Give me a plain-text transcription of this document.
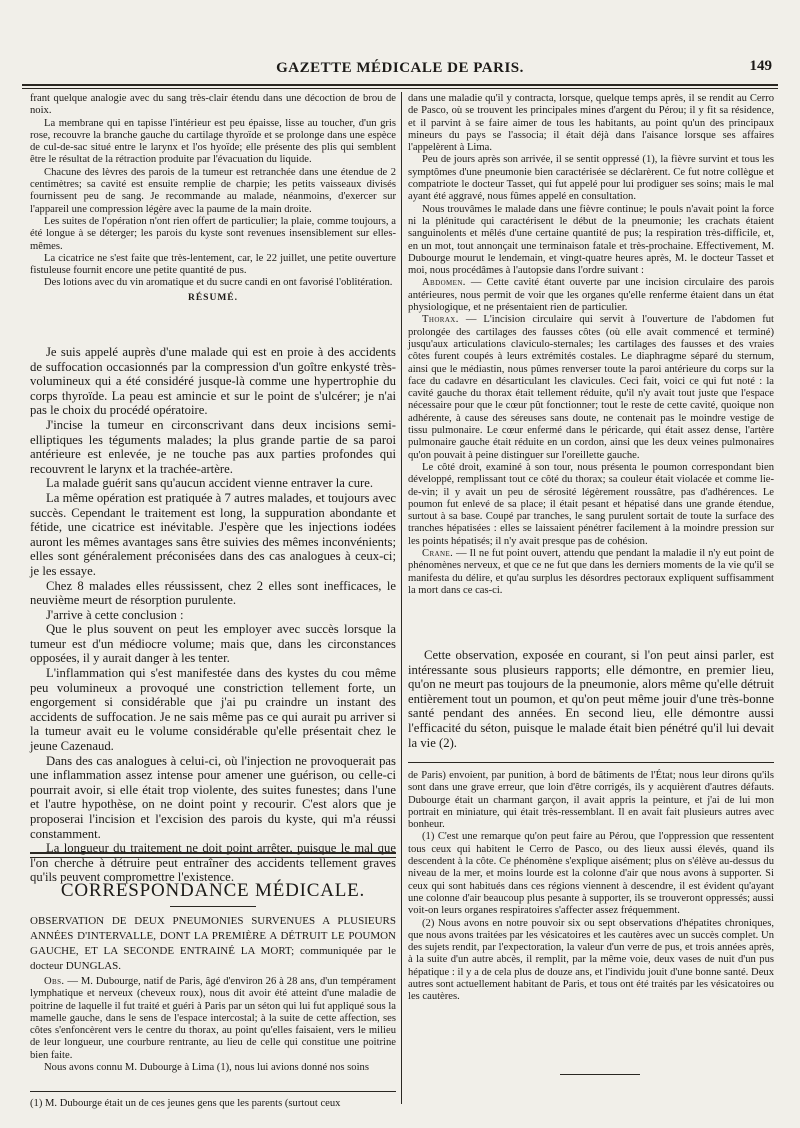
GAZETTE MÉDICALE DE PARIS.	149

frant quelque analogie avec du sang très-clair étendu dans une décoction de brou de noix.

La membrane qui en tapisse l'intérieur est peu épaisse, lisse au toucher, d'un gris rose, recouvre la branche gauche du cartilage thyroïde et se prolonge dans une espèce de cul-de-sac situé entre le larynx et l'os hyoïde; elle présente des plis qui semblent être le résultat de la rétraction produite par l'évacuation du liquide.

Chacune des lèvres des parois de la tumeur est retranchée dans une étendue de 2 centimètres; sa cavité est ensuite remplie de charpie; les petits vaisseaux divisés fournissent peu de sang. Je recommande au malade, néanmoins, d'exercer sur l'appareil une compression légère avec la paume de la main droite.

Les suites de l'opération n'ont rien offert de particulier; la plaie, comme toujours, a été longue à se déterger; les parois du kyste sont revenues insensiblement sur elles-mêmes.

La cicatrice ne s'est faite que très-lentement, car, le 22 juillet, une petite ouverture fistuleuse fournit encore une petite quantité de pus.

Des lotions avec du vin aromatique et du sucre candi en ont favorisé l'oblitération.

RÉSUMÉ.

Je suis appelé auprès d'une malade qui est en proie à des accidents de suffocation occasionnés par la compression d'un goître enkysté très-volumineux qui a été considéré jusque-là comme une hypertrophie du corps thyroïde. La peau est amincie et sur le point de s'ulcérer; je n'ai pas le choix du procédé opératoire.

J'incise la tumeur en circonscrivant dans deux incisions semi-elliptiques les téguments malades; la plus grande partie de sa paroi antérieure est enlevée, je ne touche pas aux parties profondes qui recouvrent le larynx et la trachée-artère.

La malade guérit sans qu'aucun accident vienne entraver la cure.

La même opération est pratiquée à 7 autres malades, et toujours avec succès. Cependant le traitement est long, la suppuration abondante et fétide, une cicatrice est inévitable. J'espère que les injections iodées auront les mêmes avantages sans être suivies des mêmes inconvénients; elles sont généralement préconisées dans des cas analogues à ceux-ci; je les essaye.

Chez 8 malades elles réussissent, chez 2 elles sont inefficaces, le neuvième meurt de résorption purulente.

J'arrive à cette conclusion :

Que le plus souvent on peut les employer avec succès lorsque la tumeur est d'un médiocre volume; mais que, dans les circonstances opposées, il y aurait danger à les tenter.

L'inflammation qui s'est manifestée dans des kystes du cou même peu volumineux a provoqué une constriction tellement forte, un engorgement si considérable que j'ai pu craindre un instant des accidents de suffocation. Je ne sais même pas ce qui aurait pu arriver si la tumeur avait eu le volume considérable qu'elle présentait chez le jeune Cazenaud.

Dans des cas analogues à celui-ci, où l'injection ne provoquerait pas une inflammation assez intense pour amener une guérison, ou celle-ci pourrait avoir, si elle était trop violente, des suites funestes; dans l'une et l'autre hypothèse, on ne doint point y recourir. C'est alors que je proposerai l'incision et l'excision des parois du kyste, qui m'a réussi constamment.

La longueur du traitement ne doit point arrêter, puisque le mal que l'on cherche à détruire peut entraîner des accidents tellement graves qu'ils peuvent compromettre l'existence.

CORRESPONDANCE MÉDICALE.

OBSERVATION DE DEUX PNEUMONIES SURVENUES A PLUSIEURS ANNÉES D'INTERVALLE, DONT LA PREMIÈRE A DÉTRUIT LE POUMON GAUCHE, ET LA SECONDE ENTRAINÉ LA MORT; communiquée par le docteur DUNGLAS.

Obs. — M. Dubourge, natif de Paris, âgé d'environ 26 à 28 ans, d'un tempérament lymphatique et nerveux (cheveux roux), nous dit avoir été atteint d'une maladie de poitrine de laquelle il fut traité et guéri à Paris par un séton qui lui fut appliqué sous la mamelle gauche, dans le sens de l'espace intercostal; à la suite de cette affection, ses côtes s'enfoncèrent vers le centre du thorax, au point qu'elles faisaient, vers le milieu de leur longueur, une courbure rentrante, au lieu de celle qui constitue une poitrine bien faite.

Nous avons connu M. Dubourge à Lima (1), nous lui avions donné nos soins

(1) M. Dubourge était un de ces jeunes gens que les parents (surtout ceux

dans une maladie qu'il y contracta, lorsque, quelque temps après, il se rendit au Cerro de Pasco, où se trouvent les principales mines d'argent du Pérou; il y fit sa résidence, et il parvint à se faire aimer de tous les habitants, au point qu'un des principaux mineurs du pays se l'associa; il était déjà dans l'aisance lorsque ses affaires l'appelèrent à Lima.

Peu de jours après son arrivée, il se sentit oppressé (1), la fièvre survint et tous les symptômes d'une pneumonie bien caractérisée se déclarèrent. Ce fut notre collègue et compatriote le docteur Tasset, qui fut appelé pour lui prodiguer ses soins; mais le mal ayant été aggravé, nous fûmes appelé en consultation.

Nous trouvâmes le malade dans une fièvre continue; le pouls n'avait point la force ni la plénitude qui caractérisent le début de la pneumonie; les crachats étaient sanguinolents et mêlés d'une certaine quantité de pus; la respiration très-difficile, et, en un mot, tout annonçait une terminaison fatale et très-prochaine. Effectivement, M. Dubourge mourut le lendemain, et vingt-quatre heures après, M. le docteur Tasset et moi, nous procédâmes à l'autopsie dans l'ordre suivant :

Abdomen. — Cette cavité étant ouverte par une incision circulaire des parois antérieures, nous permit de voir que les organes qu'elle renferme étaient dans un état physiologique, et ne présentaient rien de particulier.

Thorax. — L'incision circulaire qui servit à l'ouverture de l'abdomen fut prolongée des cartilages des fausses côtes (où elle avait commencé et terminé) jusqu'aux articulations claviculo-sternales; les cartilages des fausses et des vraies côtes furent coupés à leurs extrémités costales. Le diaphragme séparé du sternum, ainsi que le médiastin, nous pûmes renverser toute la paroi antérieure du corps sur la face du cadavre en désarticulant les clavicules. Ceci fait, voici ce qui fut noté : la cavité gauche du thorax était tellement réduite, qu'il n'y avait tout juste que l'espace nécessaire pour que le cœur pût fonctionner; tout le reste de cette cavité, quoique non adhérente, à cause des séreuses sans doute, ne contenait pas le moindre vestige de tissu pulmonaire. Le cœur enfermé dans le péricarde, qui était assez dense, l'artère pulmonaire gauche était réduite en un cordon, ainsi que les deux veines pulmonaires qu'on pouvait à peine distinguer sur l'oreillette gauche.

Le côté droit, examiné à son tour, nous présenta le poumon correspondant bien développé, remplissant tout ce côté du thorax; sa couleur était violacée et comme lie-de-vin; il y avait un peu de sérosité légèrement roussâtre, pas d'adhérences. Le poumon fut enlevé de sa place; il était pesant et hépatisé dans une grande étendue, surtout à sa base. Coupé par tranches, le sang purulent sortait de toute la surface des tranches hépatisées : elles se laissaient pénétrer facilement à la moindre pression sur les points hépatisés; il n'y avait presque pas de cohésion.

Crane. — Il ne fut point ouvert, attendu que pendant la maladie il n'y eut point de phénomènes nerveux, et que ce ne fut que dans les derniers moments de la vie qu'il se manifesta du délire, et qu'au surplus les désordres pectoraux expliquent suffisamment la mort dans ce cas-ci.

Cette observation, exposée en courant, si l'on peut ainsi parler, est intéressante sous plusieurs rapports; elle démontre, en premier lieu, qu'on ne meurt pas toujours de la pneumonie, alors même qu'elle détruit entièrement tout un poumon, et qu'on peut même jouir d'une très-bonne santé pendant des années. En second lieu, elle démontre aussi l'efficacité du séton, puisque le malade était bien pénétré qu'il lui devait la vie (2).

de Paris) envoient, par punition, à bord de bâtiments de l'État; nous leur dirons qu'ils sont dans une grave erreur, que loin d'être corrigés, ils y acquièrent d'autres défauts. Dubourge était un charmant garçon, il avait appris la peinture, et j'ai de lui mon portrait en miniature, qui était très-ressemblant. Il en avait fait plusieurs autres avec bonheur.

(1) C'est une remarque qu'on peut faire au Pérou, que l'oppression que ressentent tous ceux qui habitent le Cerro de Pasco, ou des lieux aussi élevés, quand ils descendent à la côte. Ce phénomène s'explique aisément; plus on s'élève au-dessus du niveau de la mer, et moins lourde est la colonne d'air que nous avons à supporter. Si ceux qui sont habitués dans ces régions viennent à descendre, il est évident qu'ayant une colonne d'air beaucoup plus pesante à supporter, ils se trouveront oppressés; aussi voit-on leurs organes respiratoires s'affecter assez fréquemment.

(2) Nous avons en notre pouvoir six ou sept observations d'hépatites chroniques, que nous avons traitées par les vésicatoires et les cautères avec un succès complet. Un des sujets rendit, par l'expectoration, la valeur d'un verre de pus, et trois années après, à la suite d'un autre abcès, il remplit, par la même voie, deux vases de nuit d'un pus hépatique : il y a de cela plus de douze ans, et l'individu jouit d'une bonne santé. Deux autres sont actuellement habitant de Paris, et tous ont été traités par les vésicatoires ou les cautères.
